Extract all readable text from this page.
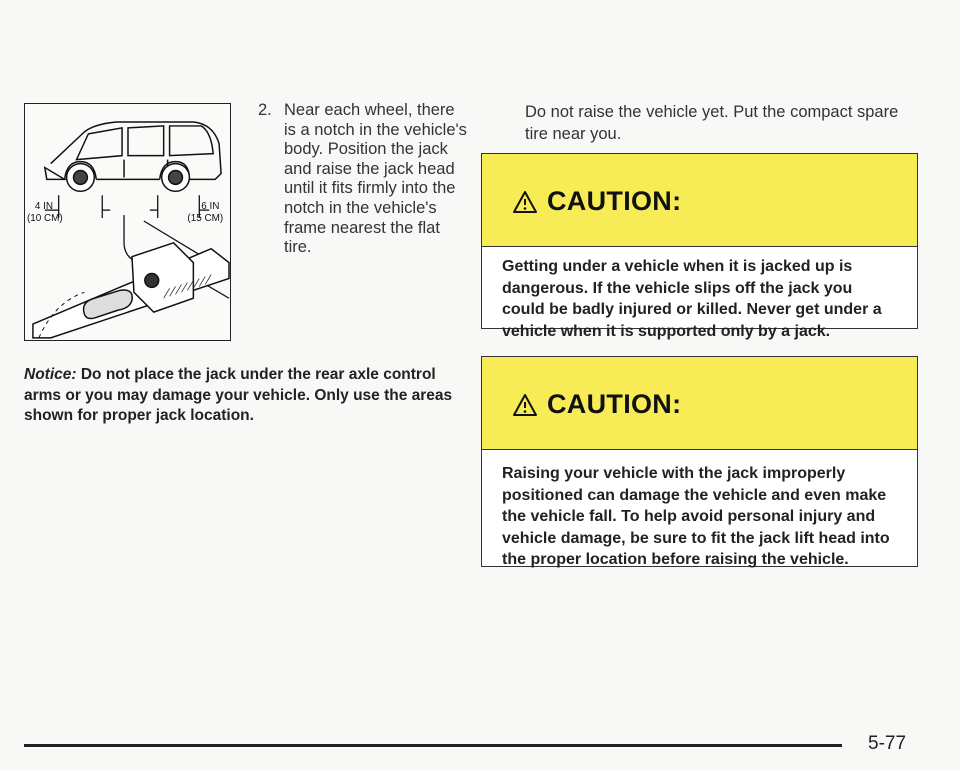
4 IN
(10 CM)
6 IN
(15 CM)
2. Near each wheel, there is a notch in the vehicle's body. Position the jack and raise the jack head until it fits firmly into the notch in the vehicle's frame nearest the flat tire.
Notice: Do not place the jack under the rear axle control arms or you may damage your vehicle. Only use the areas shown for proper jack location.
Do not raise the vehicle yet. Put the compact spare tire near you.
CAUTION:
Getting under a vehicle when it is jacked up is dangerous. If the vehicle slips off the jack you could be badly injured or killed. Never get under a vehicle when it is supported only by a jack.
CAUTION:
Raising your vehicle with the jack improperly positioned can damage the vehicle and even make the vehicle fall. To help avoid personal injury and vehicle damage, be sure to fit the jack lift head into the proper location before raising the vehicle.
5-77
